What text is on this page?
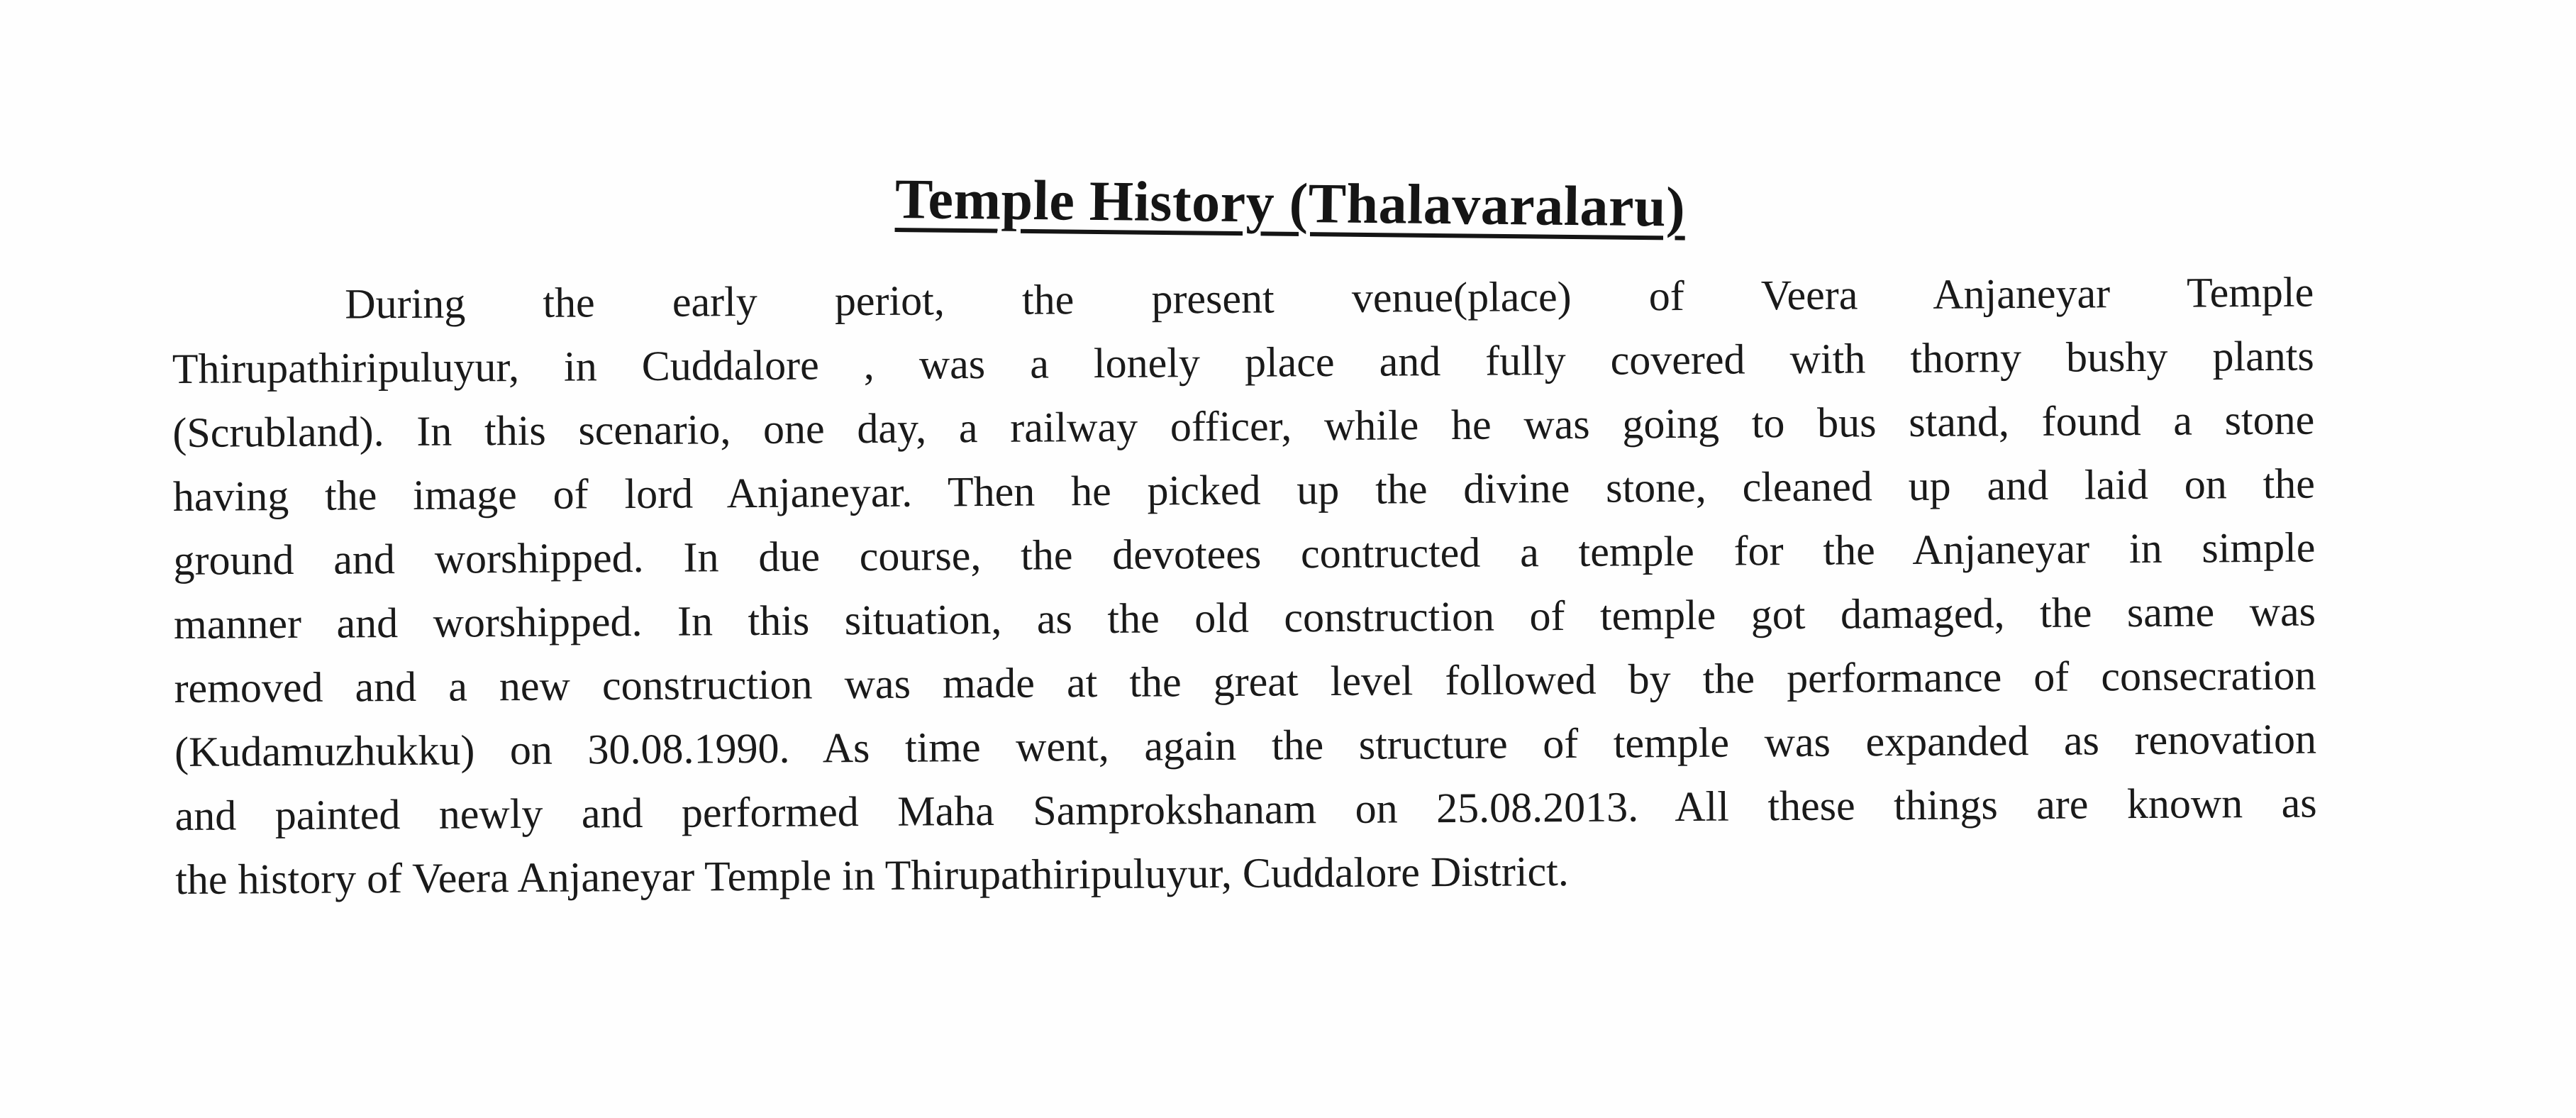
Temple History (Thalavaralaru)
During the early periot, the present venue(place) of Veera Anjaneyar Temple
Thirupathiripuluyur, in Cuddalore , was a lonely place and fully covered with thorny bushy plants
(Scrubland). In this scenario, one day, a railway officer, while he was going to bus stand, found a stone
having the image of lord Anjaneyar. Then he picked up the divine stone, cleaned up and laid on the
ground and worshipped. In due course, the devotees contructed a temple for the Anjaneyar in simple
manner and worshipped. In this situation, as the old construction of temple got damaged, the same was
removed and a new construction was made at the great level followed by the performance of consecration
(Kudamuzhukku) on 30.08.1990. As time went, again the structure of temple was expanded as renovation
and painted newly and performed Maha Samprokshanam on 25.08.2013. All these things are known as
the history of Veera Anjaneyar Temple in Thirupathiripuluyur, Cuddalore District.
